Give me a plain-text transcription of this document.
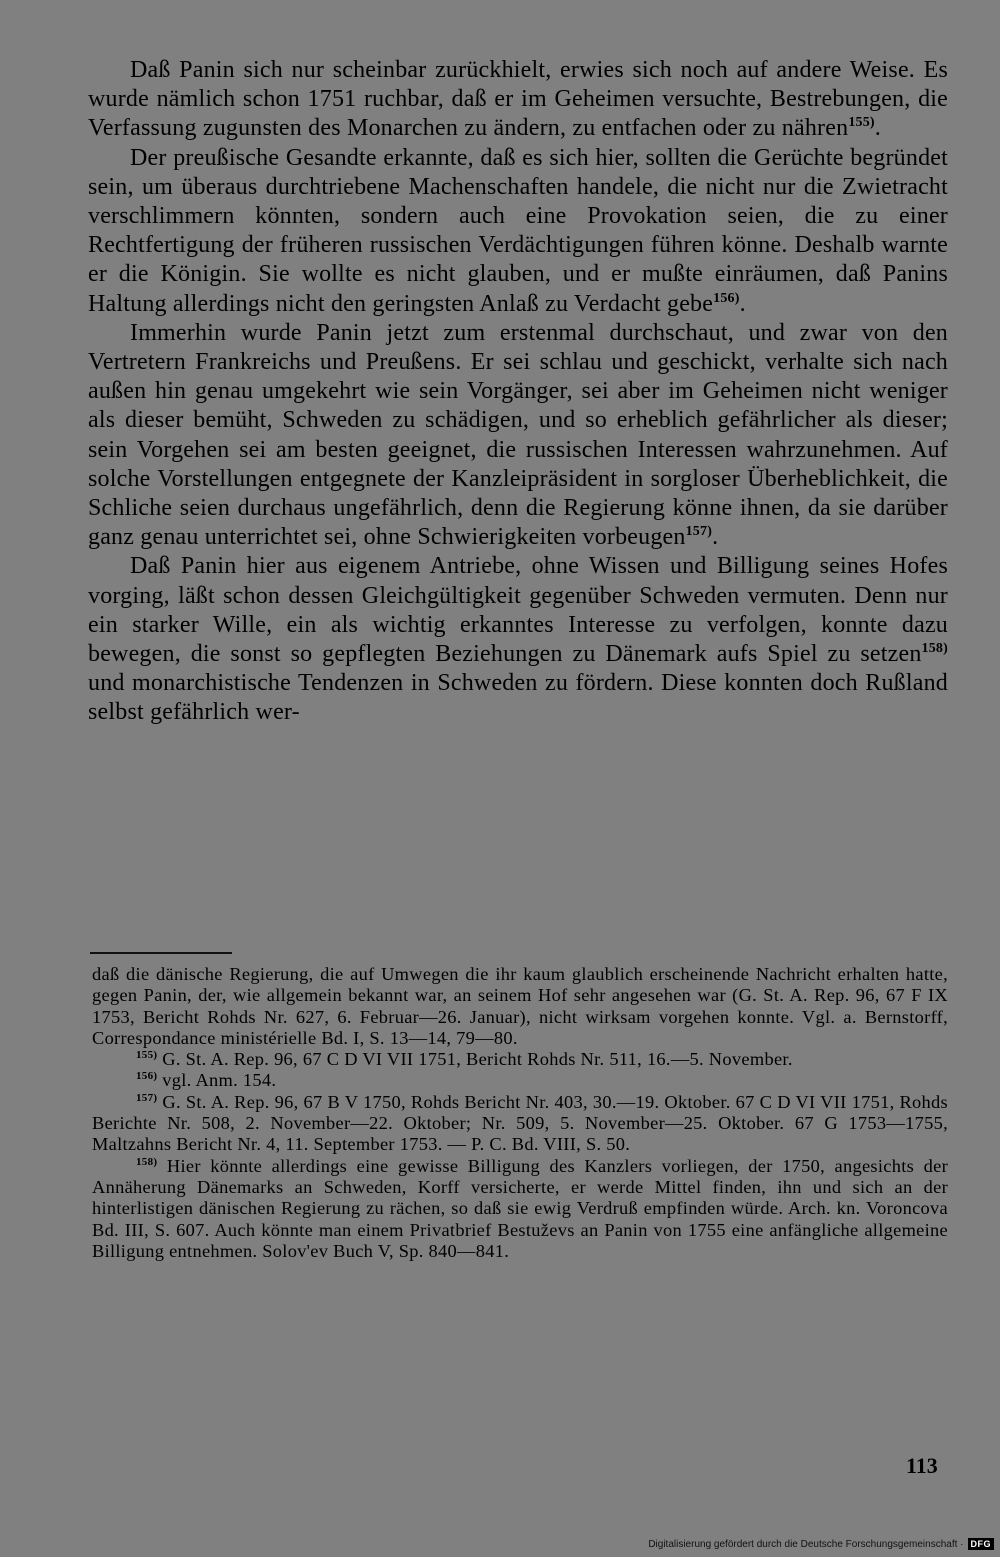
Daß Panin sich nur scheinbar zurückhielt, erwies sich noch auf andere Weise. Es wurde nämlich schon 1751 ruchbar, daß er im Geheimen versuchte, Bestrebungen, die Verfassung zugunsten des Monarchen zu ändern, zu entfachen oder zu nähren$^{155)}$.

Der preußische Gesandte erkannte, daß es sich hier, sollten die Gerüchte begründet sein, um überaus durchtriebene Machenschaften handele, die nicht nur die Zwietracht verschlimmern könnten, sondern auch eine Provokation seien, die zu einer Rechtfertigung der früheren russischen Verdächtigungen führen könne. Deshalb warnte er die Königin. Sie wollte es nicht glauben, und er mußte einräumen, daß Panins Haltung allerdings nicht den geringsten Anlaß zu Verdacht gebe$^{156)}$.

Immerhin wurde Panin jetzt zum erstenmal durchschaut, und zwar von den Vertretern Frankreichs und Preußens. Er sei schlau und geschickt, verhalte sich nach außen hin genau umgekehrt wie sein Vorgänger, sei aber im Geheimen nicht weniger als dieser bemüht, Schweden zu schädigen, und so erheblich gefährlicher als dieser; sein Vorgehen sei am besten geeignet, die russischen Interessen wahrzunehmen. Auf solche Vorstellungen entgegnete der Kanzleipräsident in sorgloser Überheblichkeit, die Schliche seien durchaus ungefährlich, denn die Regierung könne ihnen, da sie darüber ganz genau unterrichtet sei, ohne Schwierigkeiten vorbeugen$^{157)}$.

Daß Panin hier aus eigenem Antriebe, ohne Wissen und Billigung seines Hofes vorging, läßt schon dessen Gleichgültigkeit gegenüber Schweden vermuten. Denn nur ein starker Wille, ein als wichtig erkanntes Interesse zu verfolgen, konnte dazu bewegen, die sonst so gepflegten Beziehungen zu Dänemark aufs Spiel zu setzen$^{158)}$ und monarchistische Tendenzen in Schweden zu fördern. Diese konnten doch Rußland selbst gefährlich wer-

daß die dänische Regierung, die auf Umwegen die ihr kaum glaublich erscheinende Nachricht erhalten hatte, gegen Panin, der, wie allgemein bekannt war, an seinem Hof sehr angesehen war (G. St. A. Rep. 96, 67 F IX 1753, Bericht Rohds Nr. 627, 6. Februar—26. Januar), nicht wirksam vorgehen konnte. Vgl. a. Bernstorff, Correspondance ministérielle Bd. I, S. 13—14, 79—80.

$^{155)}$ G. St. A. Rep. 96, 67 C D VI VII 1751, Bericht Rohds Nr. 511, 16.—5. November.

$^{156)}$ vgl. Anm. 154.

$^{157)}$ G. St. A. Rep. 96, 67 B V 1750, Rohds Bericht Nr. 403, 30.—19. Oktober. 67 C D VI VII 1751, Rohds Berichte Nr. 508, 2. November—22. Oktober; Nr. 509, 5. November—25. Oktober. 67 G 1753—1755, Maltzahns Bericht Nr. 4, 11. September 1753. — P. C. Bd. VIII, S. 50.

$^{158)}$ Hier könnte allerdings eine gewisse Billigung des Kanzlers vorliegen, der 1750, angesichts der Annäherung Dänemarks an Schweden, Korff versicherte, er werde Mittel finden, ihn und sich an der hinterlistigen dänischen Regierung zu rächen, so daß sie ewig Verdruß empfinden würde. Arch. kn. Voroncova Bd. III, S. 607. Auch könnte man einem Privatbrief Bestuževs an Panin von 1755 eine anfängliche allgemeine Billigung entnehmen. Solov'ev Buch V, Sp. 840—841.

113
Digitalisierung gefördert durch die Deutsche Forschungsgemeinschaft · DFG
